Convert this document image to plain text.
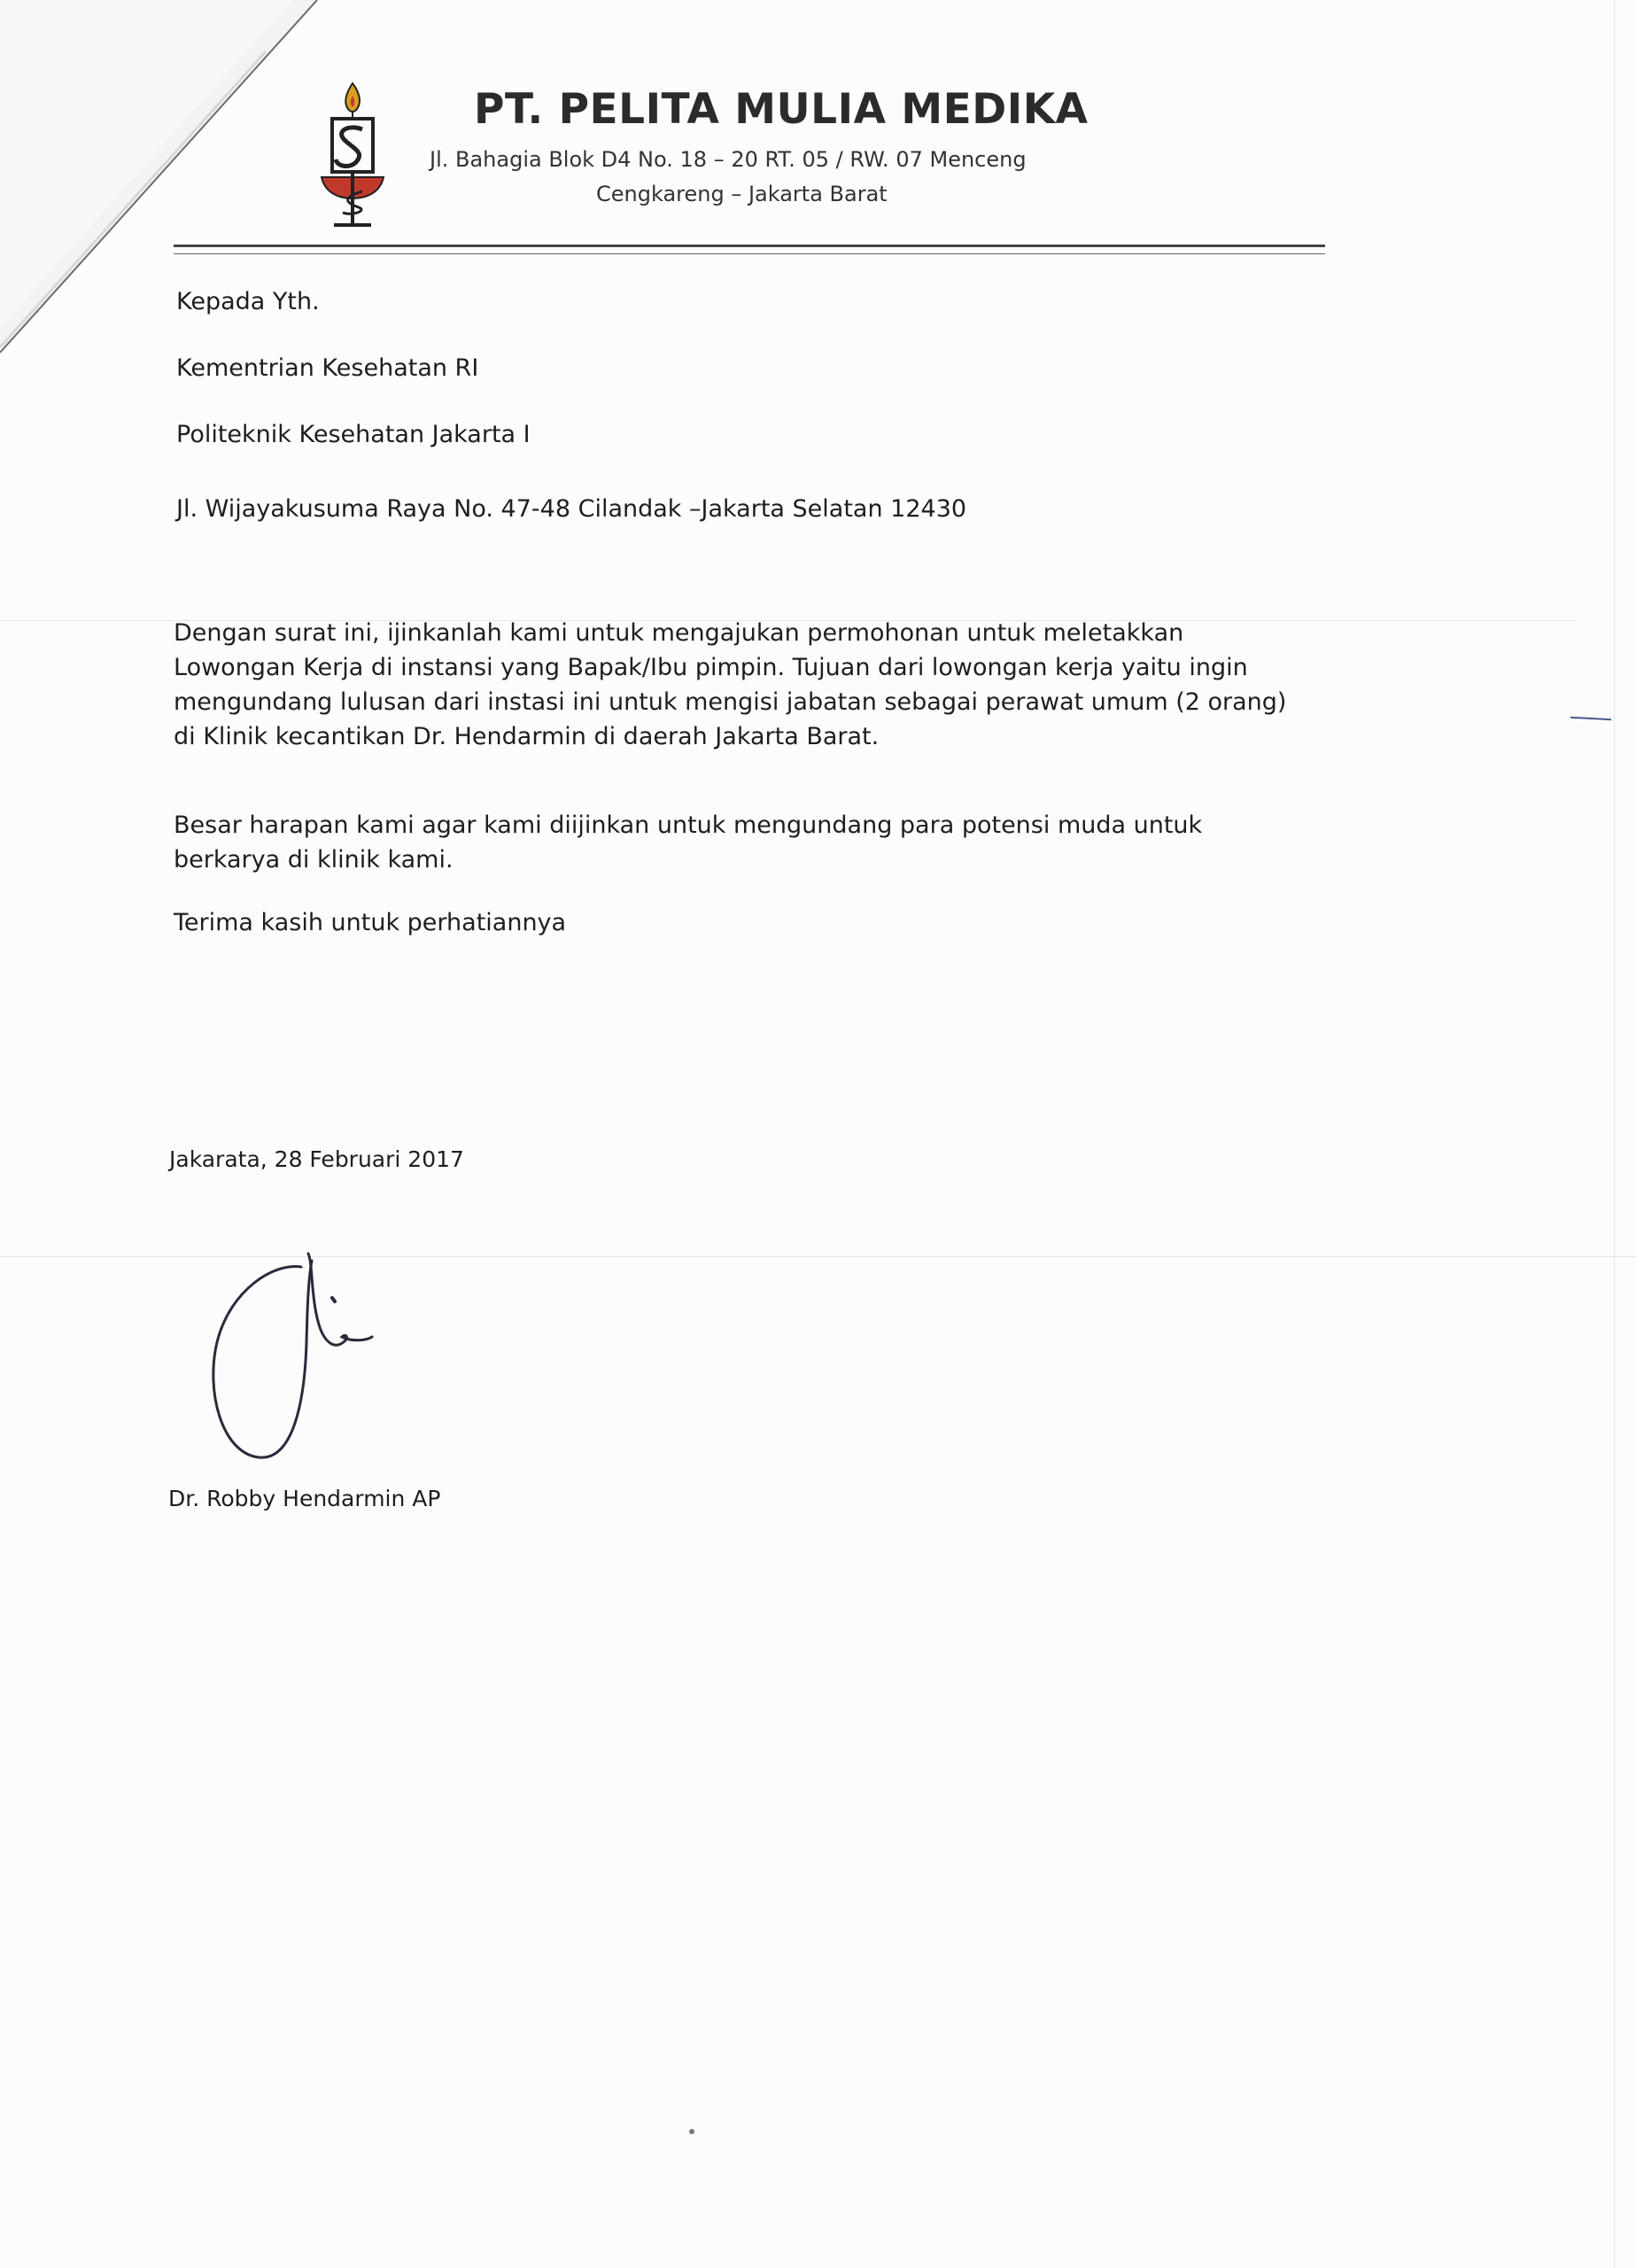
PT. PELITA MULIA MEDIKA
Jl. Bahagia Blok D4 No. 18 – 20 RT. 05 / RW. 07 Menceng
Cengkareng – Jakarta Barat
Kepada Yth.
Kementrian Kesehatan RI
Politeknik Kesehatan Jakarta I
Jl. Wijayakusuma Raya No. 47-48 Cilandak –Jakarta Selatan 12430
Dengan surat ini, ijinkanlah kami untuk mengajukan permohonan untuk meletakkan
Lowongan Kerja di instansi yang Bapak/Ibu pimpin. Tujuan dari lowongan kerja yaitu ingin
mengundang lulusan dari instasi ini untuk mengisi jabatan sebagai perawat umum (2 orang)
di Klinik kecantikan Dr. Hendarmin di daerah Jakarta Barat.
Besar harapan kami agar kami diijinkan untuk mengundang para potensi muda untuk
berkarya di klinik kami.
Terima kasih untuk perhatiannya
Jakarata, 28 Februari 2017
Dr. Robby Hendarmin AP
